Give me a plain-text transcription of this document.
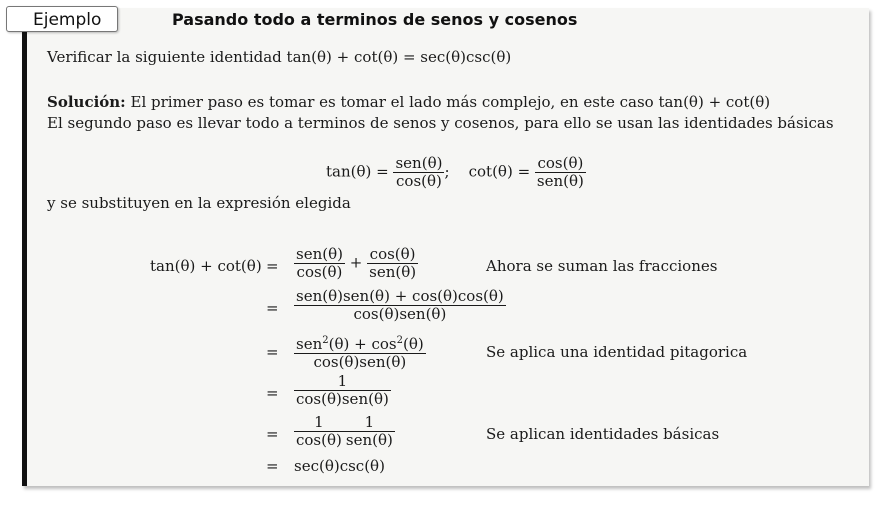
Ejemplo	Pasando todo a terminos de senos y cosenos
Verificar la siguiente identidad tan(θ) + cot(θ) = sec(θ)csc(θ)
Solución: El primer paso es tomar es tomar el lado más complejo, en este caso tan(θ) + cot(θ)
El segundo paso es llevar todo a terminos de senos y cosenos, para ello se usan las identidades básicas
$\tan(\theta) = \frac{\text{sen(θ)}}{\cos(\theta)}$ ; $\cot(\theta) = \frac{\cos(\theta)}{\text{sen(θ)}}$
y se substituyen en la expresión elegida
$\tan(\theta) + \cot(\theta) = \frac{\text{sen(θ)}}{\cos(\theta)} + \frac{\cos(\theta)}{\text{sen(θ)}}$	Ahora se suman las fracciones
= $\frac{\text{sen(θ)sen(θ) + cos(θ)cos(θ)}}{\text{cos(θ)sen(θ)}}$
= $\frac{sen^2(\theta) + \cos^2(\theta)}{\text{cos(θ)sen(θ)}}$	Se aplica una identidad pitagorica
= $\frac{1}{\text{cos(θ)sen(θ)}}$
= $\frac{1}{\cos(\theta)} \frac{1}{\text{sen(θ)}}$	Se aplican identidades básicas
= sec(θ)csc(θ)
